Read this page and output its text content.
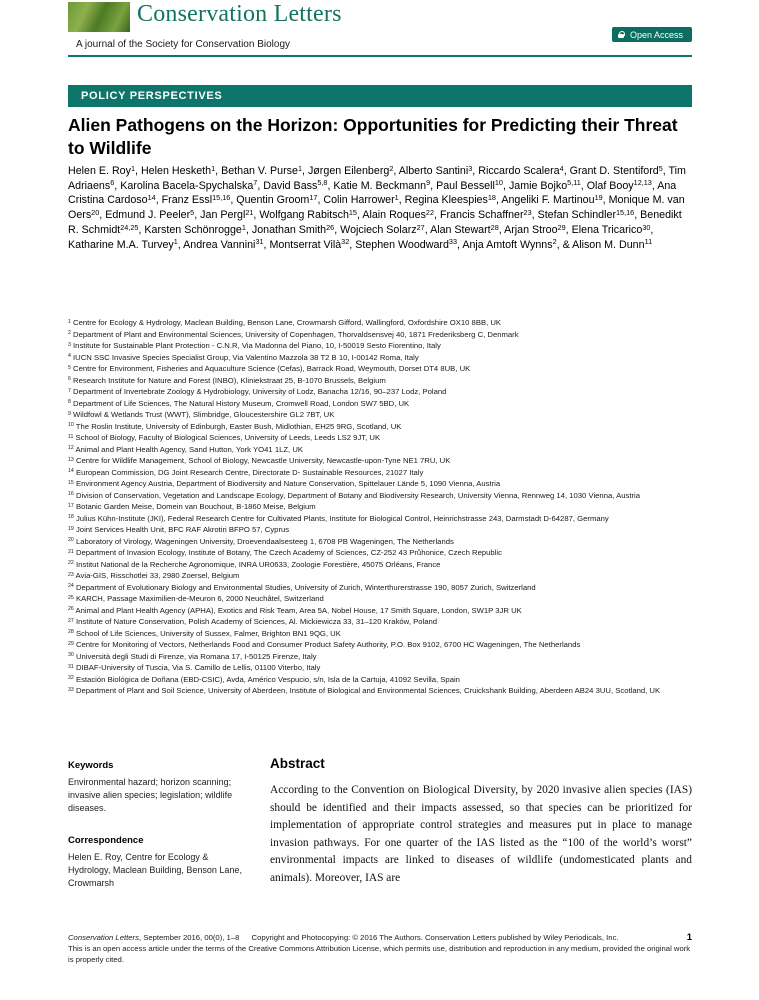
Conservation Letters
A journal of the Society for Conservation Biology
Open Access
POLICY PERSPECTIVES
Alien Pathogens on the Horizon: Opportunities for Predicting their Threat to Wildlife
Helen E. Roy$^1$, Helen Hesketh$^1$, Bethan V. Purse$^1$, Jørgen Eilenberg$^2$, Alberto Santini$^3$, Riccardo Scalera$^4$, Grant D. Stentiford$^5$, Tim Adriaens$^6$, Karolina Bacela-Spychalska$^7$, David Bass$^{5,8}$, Katie M. Beckmann$^9$, Paul Bessell$^{10}$, Jamie Bojko$^{5,11}$, Olaf Booy$^{12,13}$, Ana Cristina Cardoso$^{14}$, Franz Essl$^{15,16}$, Quentin Groom$^{17}$, Colin Harrower$^1$, Regina Kleespies$^{18}$, Angeliki F. Martinou$^{19}$, Monique M. van Oers$^{20}$, Edmund J. Peeler$^5$, Jan Pergl$^{21}$, Wolfgang Rabitsch$^{15}$, Alain Roques$^{22}$, Francis Schaffner$^{23}$, Stefan Schindler$^{15,16}$, Benedikt R. Schmidt$^{24,25}$, Karsten Schönrogge$^1$, Jonathan Smith$^{26}$, Wojciech Solarz$^{27}$, Alan Stewart$^{28}$, Arjan Stroo$^{29}$, Elena Tricarico$^{30}$, Katharine M.A. Turvey$^1$, Andrea Vannini$^{31}$, Montserrat Vilà$^{32}$, Stephen Woodward$^{33}$, Anja Amtoft Wynns$^2$, & Alison M. Dunn$^{11}$
$^1$ Centre for Ecology & Hydrology, Maclean Building, Benson Lane, Crowmarsh Gifford, Wallingford, Oxfordshire OX10 8BB, UK
$^2$ Department of Plant and Environmental Sciences, University of Copenhagen, Thorvaldsensvej 40, 1871 Frederiksberg C, Denmark
$^3$ Institute for Sustainable Plant Protection - C.N.R, Via Madonna del Piano, 10, I-50019 Sesto Fiorentino, Italy
$^4$ IUCN SSC Invasive Species Specialist Group, Via Valentino Mazzola 38 T2 B 10, I-00142 Roma, Italy
$^5$ Centre for Environment, Fisheries and Aquaculture Science (Cefas), Barrack Road, Weymouth, Dorset DT4 8UB, UK
$^6$ Research Institute for Nature and Forest (INBO), Kliniekstraat 25, B-1070 Brussels, Belgium
$^7$ Department of Invertebrate Zoology & Hydrobiology, University of Lodz, Banacha 12/16, 90–237 Lodz, Poland
$^8$ Department of Life Sciences, The Natural History Museum, Cromwell Road, London SW7 5BD, UK
$^9$ Wildfowl & Wetlands Trust (WWT), Slimbridge, Gloucestershire GL2 7BT, UK
$^{10}$ The Roslin Institute, University of Edinburgh, Easter Bush, Midlothian, EH25 9RG, Scotland, UK
$^{11}$ School of Biology, Faculty of Biological Sciences, University of Leeds, Leeds LS2 9JT, UK
$^{12}$ Animal and Plant Health Agency, Sand Hutton, York YO41 1LZ, UK
$^{13}$ Centre for Wildlife Management, School of Biology, Newcastle University, Newcastle-upon-Tyne NE1 7RU, UK
$^{14}$ European Commission, DG Joint Research Centre, Directorate D- Sustainable Resources, 21027 Italy
$^{15}$ Environment Agency Austria, Department of Biodiversity and Nature Conservation, Spittelauer Lände 5, 1090 Vienna, Austria
$^{16}$ Division of Conservation, Vegetation and Landscape Ecology, Department of Botany and Biodiversity Research, University Vienna, Rennweg 14, 1030 Vienna, Austria
$^{17}$ Botanic Garden Meise, Domein van Bouchout, B-1860 Meise, Belgium
$^{18}$ Julius Kühn-Institute (JKI), Federal Research Centre for Cultivated Plants, Institute for Biological Control, Heinrichstrasse 243, Darmstadt D-64287, Germany
$^{19}$ Joint Services Health Unit, BFC RAF Akrotiri BFPO 57, Cyprus
$^{20}$ Laboratory of Virology, Wageningen University, Droevendaalsesteeg 1, 6708 PB Wageningen, The Netherlands
$^{21}$ Department of Invasion Ecology, Institute of Botany, The Czech Academy of Sciences, CZ-252 43 Průhonice, Czech Republic
$^{22}$ Institut National de la Recherche Agronomique, INRA UR0633, Zoologie Forestière, 45075 Orléans, France
$^{23}$ Avia-GIS, Risschotlei 33, 2980 Zoersel, Belgium
$^{24}$ Department of Evolutionary Biology and Environmental Studies, University of Zurich, Winterthurerstrasse 190, 8057 Zurich, Switzerland
$^{25}$ KARCH, Passage Maximilien-de-Meuron 6, 2000 Neuchâtel, Switzerland
$^{26}$ Animal and Plant Health Agency (APHA), Exotics and Risk Team, Area 5A, Nobel House, 17 Smith Square, London, SW1P 3JR UK
$^{27}$ Institute of Nature Conservation, Polish Academy of Sciences, Al. Mickiewicza 33, 31–120 Kraków, Poland
$^{28}$ School of Life Sciences, University of Sussex, Falmer, Brighton BN1 9QG, UK
$^{29}$ Centre for Monitoring of Vectors, Netherlands Food and Consumer Product Safety Authority, P.O. Box 9102, 6700 HC Wageningen, The Netherlands
$^{30}$ Università degli Studi di Firenze, via Romana 17, I-50125 Firenze, Italy
$^{31}$ DIBAF-University of Tuscia, Via S. Camillo de Lellis, 01100 Viterbo, Italy
$^{32}$ Estación Biológica de Doñana (EBD-CSIC), Avda, Américo Vespucio, s/n, Isla de la Cartuja, 41092 Sevilla, Spain
$^{33}$ Department of Plant and Soil Science, University of Aberdeen, Institute of Biological and Environmental Sciences, Cruickshank Building, Aberdeen AB24 3UU, Scotland, UK
Keywords
Environmental hazard; horizon scanning; invasive alien species; legislation; wildlife diseases.
Correspondence
Helen E. Roy, Centre for Ecology & Hydrology, Maclean Building, Benson Lane, Crowmarsh
Abstract
According to the Convention on Biological Diversity, by 2020 invasive alien species (IAS) should be identified and their impacts assessed, so that species can be prioritized for implementation of appropriate control strategies and measures put in place to manage invasion pathways. For one quarter of the IAS listed as the “100 of the world’s worst” environmental impacts are linked to diseases of wildlife (undomesticated plants and animals). Moreover, IAS are
Conservation Letters, September 2016, 00(0), 1–8 Copyright and Photocopying: © 2016 The Authors. Conservation Letters published by Wiley Periodicals, Inc.	1
This is an open access article under the terms of the Creative Commons Attribution License, which permits use, distribution and reproduction in any medium, provided the original work is properly cited.
